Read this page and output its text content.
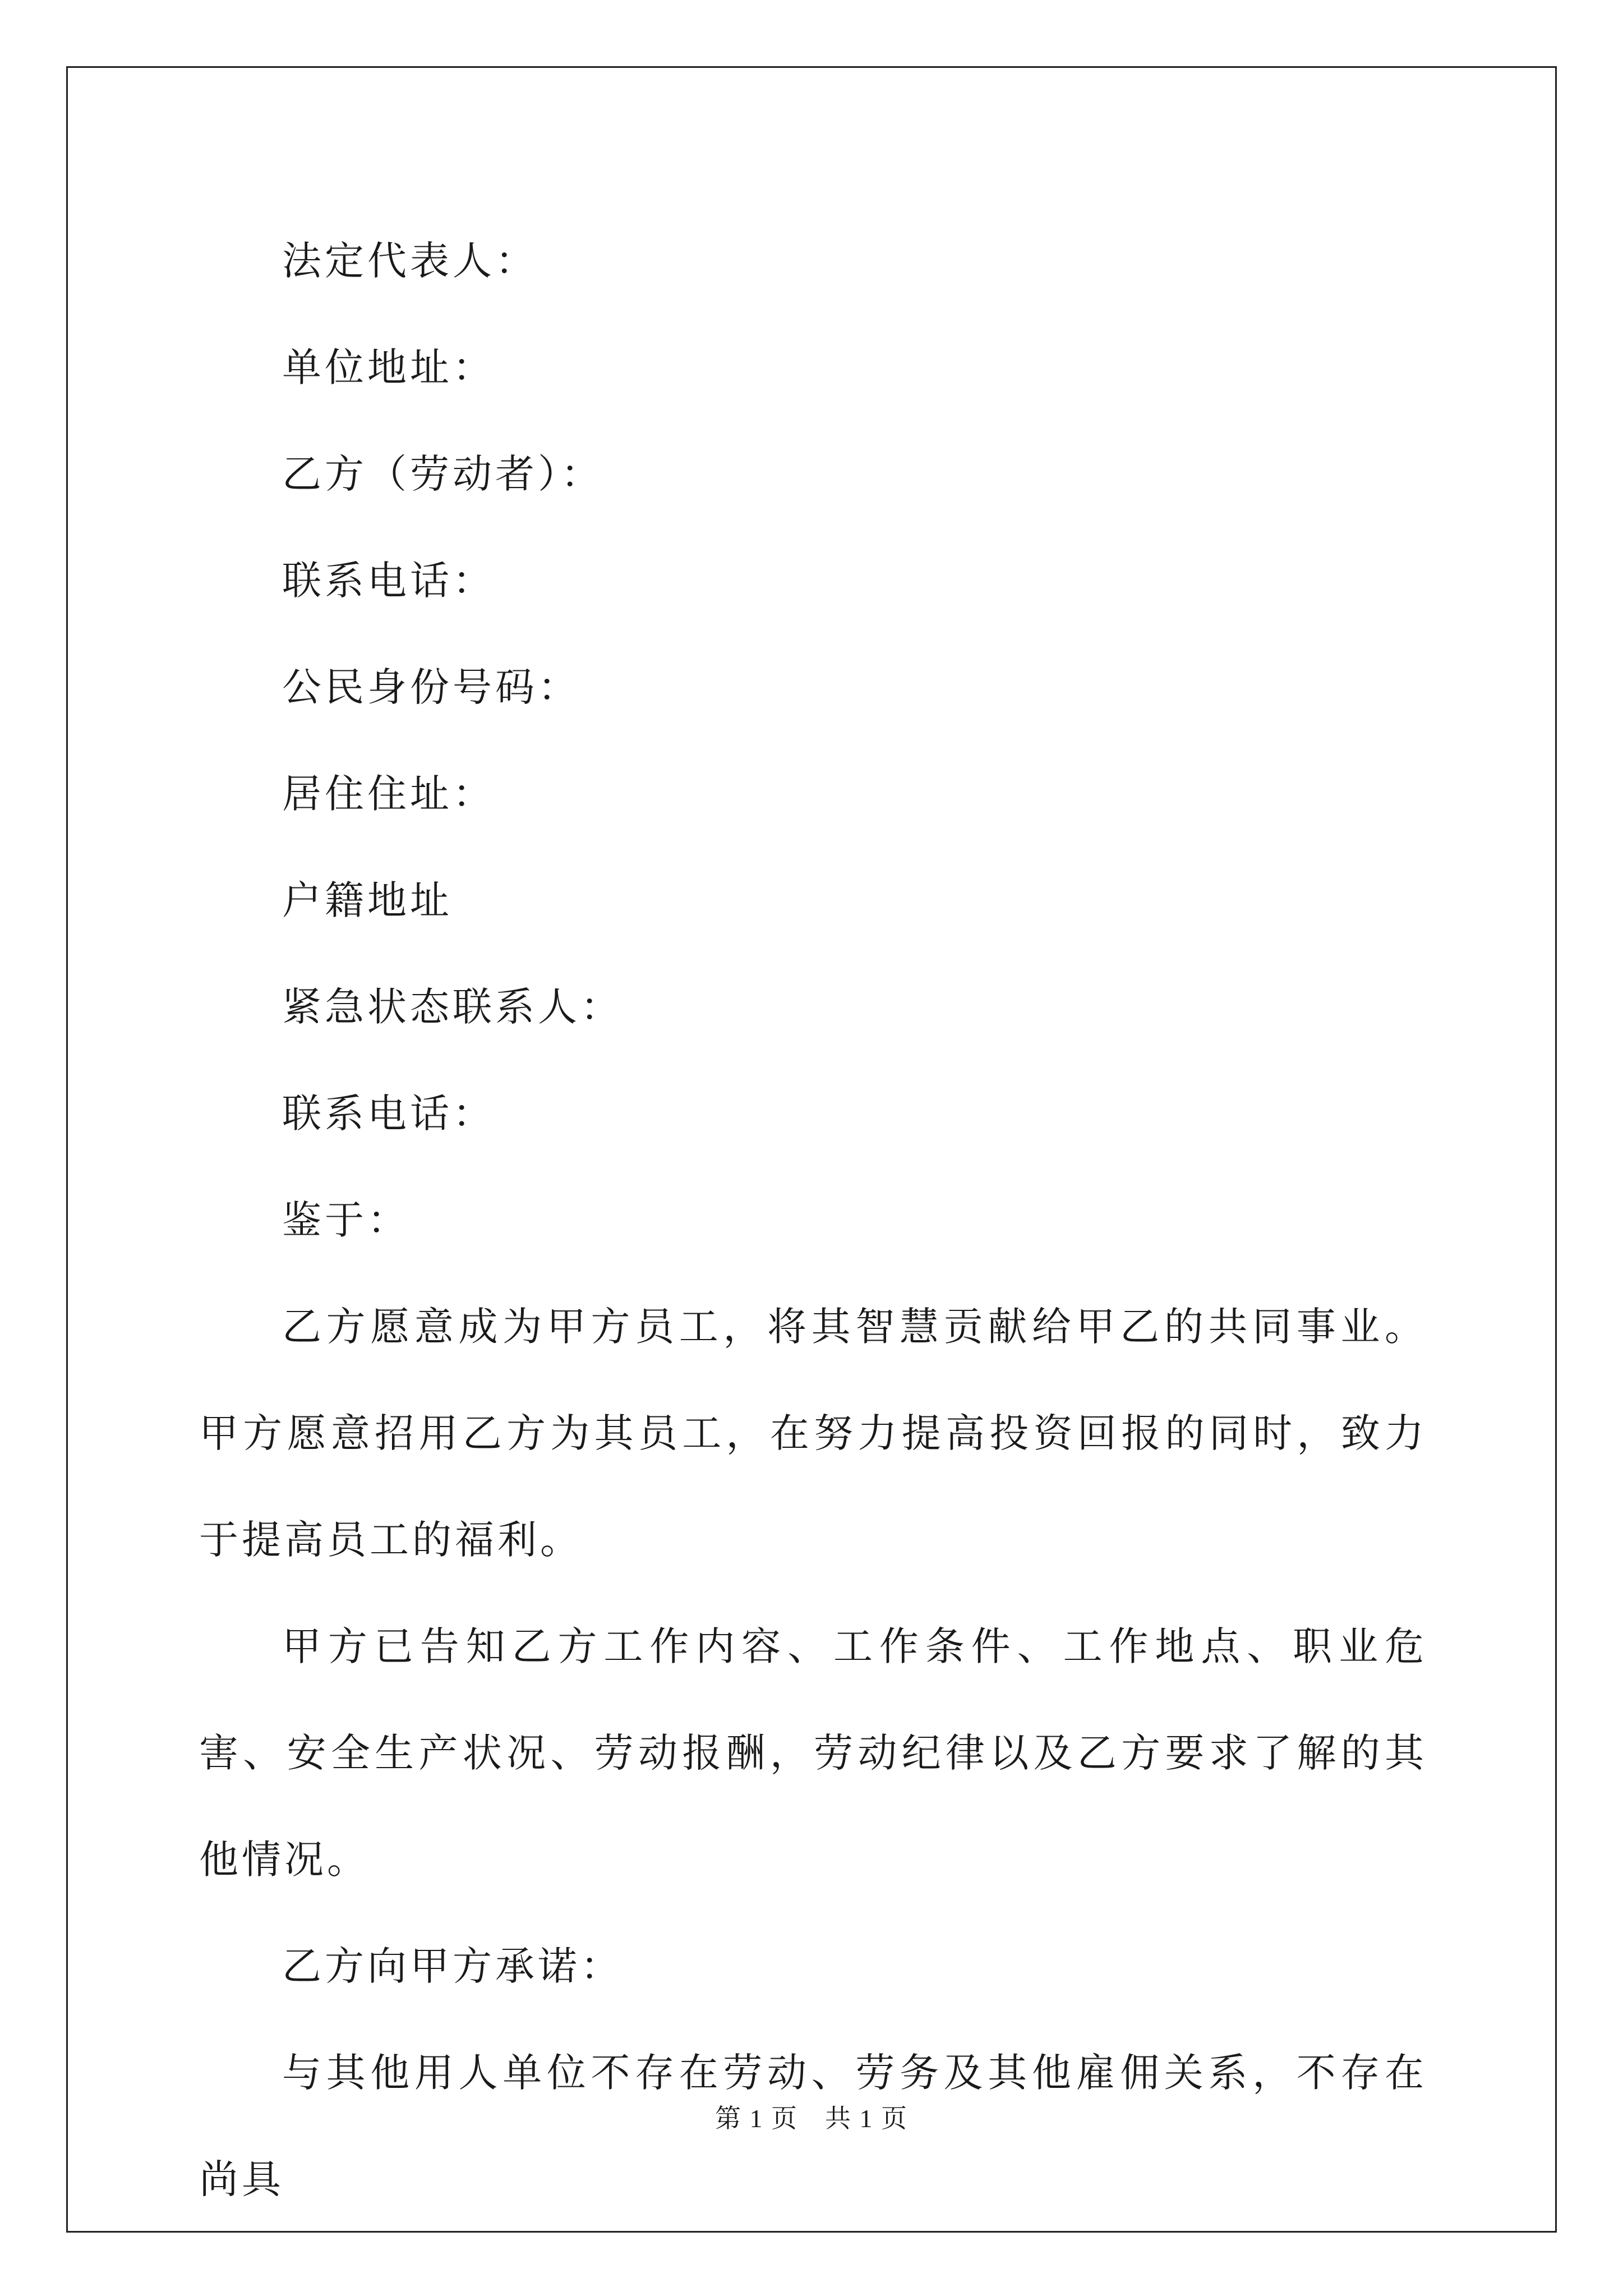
法定代表人：
单位地址：
乙方（劳动者）：
联系电话：
公民身份号码：
居住住址：
户籍地址
紧急状态联系人：
联系电话：
鉴于：

乙方愿意成为甲方员工，将其智慧贡献给甲乙的共同事业。甲方愿意招用乙方为其员工，在努力提高投资回报的同时，致力于提高员工的福利。

甲方已告知乙方工作内容、工作条件、工作地点、职业危害、安全生产状况、劳动报酬，劳动纪律以及乙方要求了解的其他情况。

乙方向甲方承诺：

与其他用人单位不存在劳动、劳务及其他雇佣关系，不存在尚具

第 1 页　共 1 页
